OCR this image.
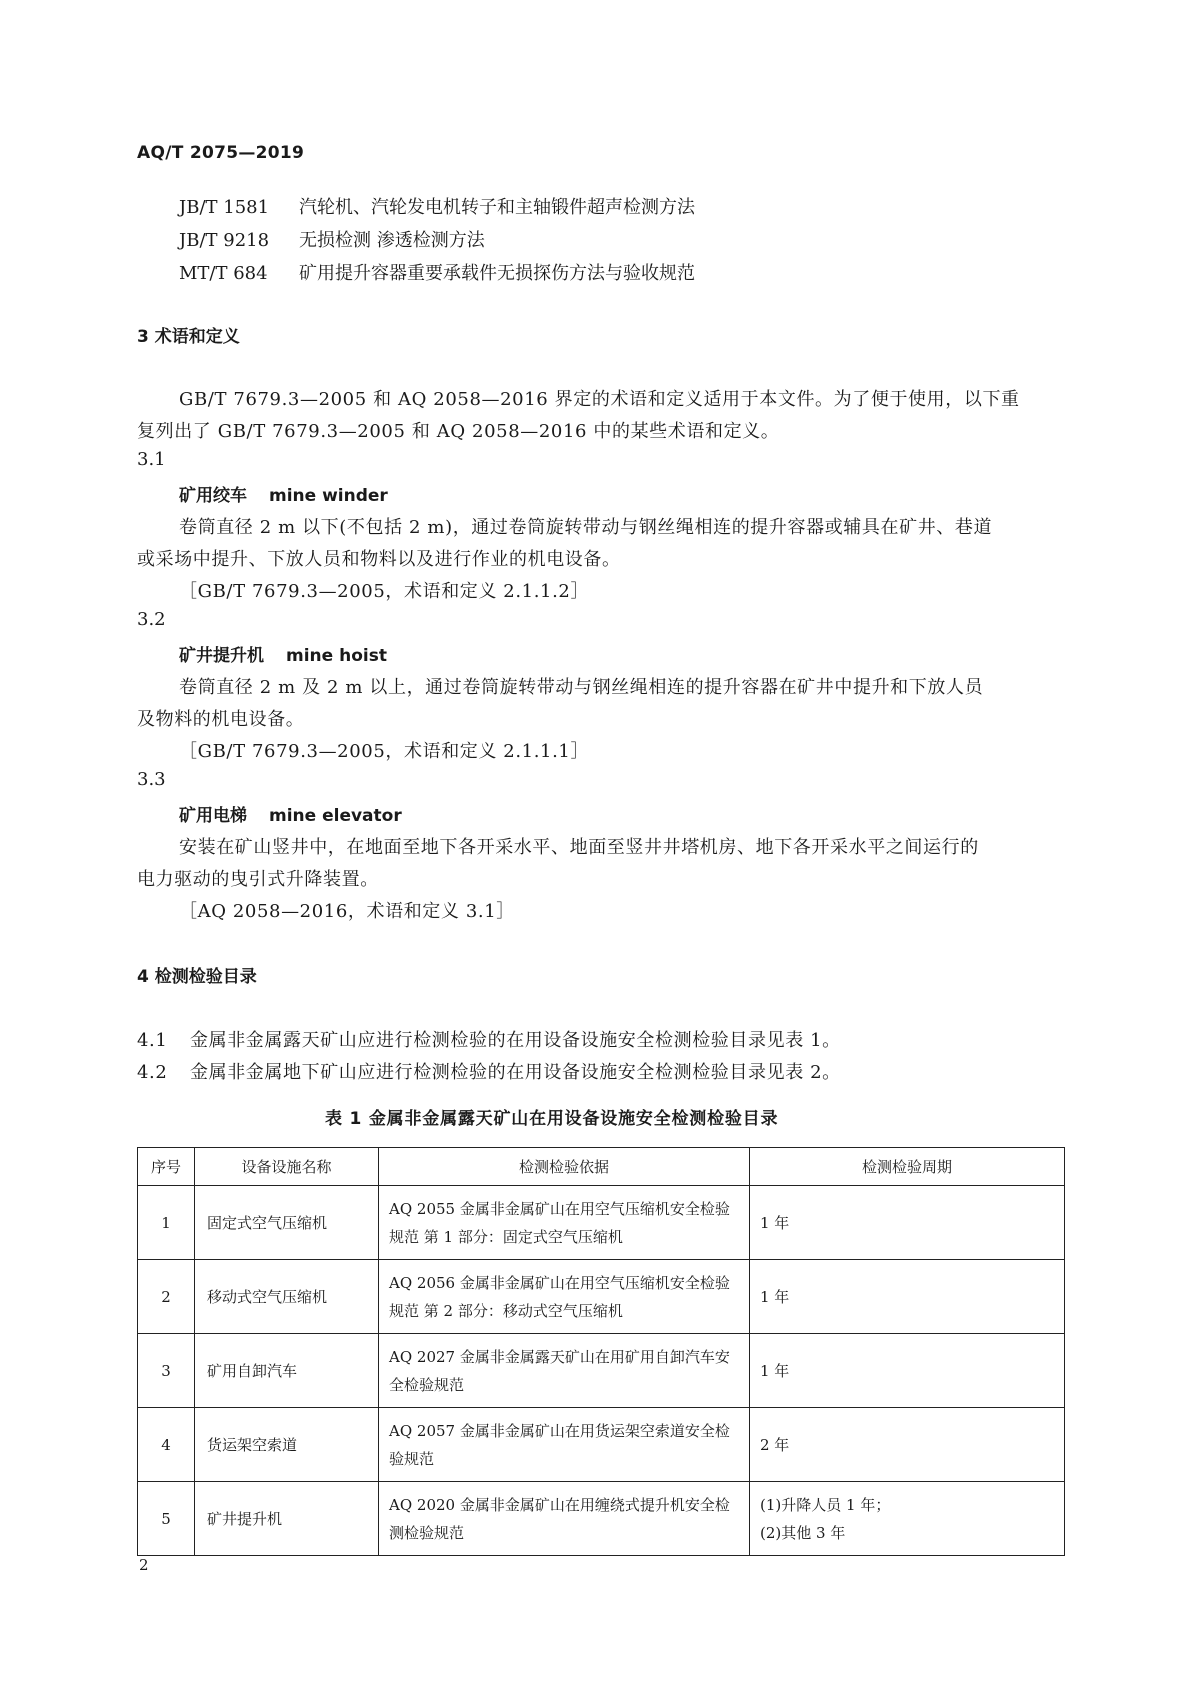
AQ/T 2075—2019
JB/T 1581 汽轮机、汽轮发电机转子和主轴锻件超声检测方法
JB/T 9218 无损检测 渗透检测方法
MT/T 684 矿用提升容器重要承载件无损探伤方法与验收规范
3 术语和定义
GB/T 7679.3—2005 和 AQ 2058—2016 界定的术语和定义适用于本文件。为了便于使用，以下重
复列出了 GB/T 7679.3—2005 和 AQ 2058—2016 中的某些术语和定义。
3.1
矿用绞车 mine winder
卷筒直径 2 m 以下(不包括 2 m)，通过卷筒旋转带动与钢丝绳相连的提升容器或辅具在矿井、巷道
或采场中提升、下放人员和物料以及进行作业的机电设备。
［GB/T 7679.3—2005，术语和定义 2.1.1.2］
3.2
矿井提升机 mine hoist
卷筒直径 2 m 及 2 m 以上，通过卷筒旋转带动与钢丝绳相连的提升容器在矿井中提升和下放人员
及物料的机电设备。
［GB/T 7679.3—2005，术语和定义 2.1.1.1］
3.3
矿用电梯 mine elevator
安装在矿山竖井中，在地面至地下各开采水平、地面至竖井井塔机房、地下各开采水平之间运行的
电力驱动的曳引式升降装置。
［AQ 2058—2016，术语和定义 3.1］
4 检测检验目录
4.1 金属非金属露天矿山应进行检测检验的在用设备设施安全检测检验目录见表 1。
4.2 金属非金属地下矿山应进行检测检验的在用设备设施安全检测检验目录见表 2。
表 1 金属非金属露天矿山在用设备设施安全检测检验目录
序号	设备设施名称	检测检验依据	检测检验周期
1	固定式空气压缩机	AQ 2055 金属非金属矿山在用空气压缩机安全检验规范 第 1 部分：固定式空气压缩机	1 年

2	移动式空气压缩机	AQ 2056 金属非金属矿山在用空气压缩机安全检验规范 第 2 部分：移动式空气压缩机	1 年

3	矿用自卸汽车	AQ 2027 金属非金属露天矿山在用矿用自卸汽车安全检验规范	1 年

4	货运架空索道	AQ 2057 金属非金属矿山在用货运架空索道安全检验规范	2 年

5	矿井提升机	AQ 2020 金属非金属矿山在用缠绕式提升机安全检测检验规范	(1)升降人员 1 年；
(2)其他 3 年
2
